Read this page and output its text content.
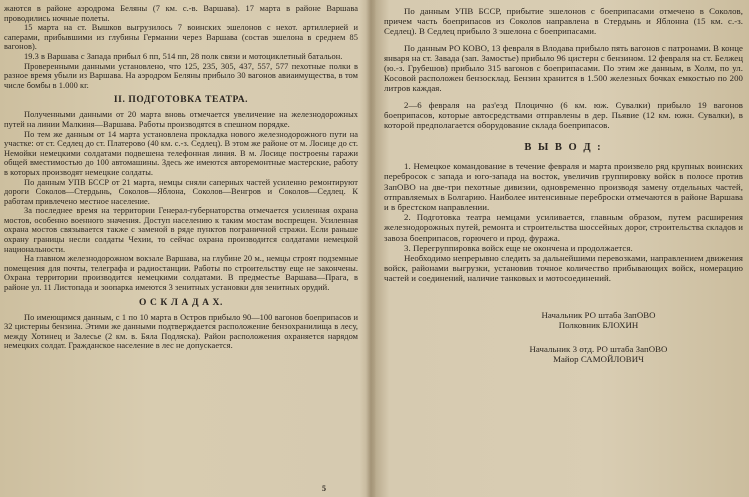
жаются в районе аэродрома Беляны (7 км. с.-в. Варшава). 17 марта в районе Варшава проводились ночные полеты.

15 марта на ст. Вышков выгрузилось 7 воинских эшелонов с нехот. артиллерией и саперами, прибывшими из глубины Германии через Варшава (состав эшелона в среднем 85 вагонов).

19.3 в Варшава с Запада прибыл 6 пп, 514 пп, 28 полк связи и мотоциклетный батальон.

Проверенными данными установлено, что 125, 235, 305, 437, 557, 577 пехотные полки в разное время убыли из Варшава. На аэродром Беляны прибыло 30 вагонов авиаимущества, в том числе бомбы в 1.000 кг.

II. ПОДГОТОВКА ТЕАТРА.

Полученными данными от 20 марта вновь отмечается увеличение на железнодорожных путей на линии Малкиня—Варшава. Работы производятся в спешном порядке.

По тем же данным от 14 марта установлена прокладка нового железнодорожного пути на участке: от ст. Седлец до ст. Платерово (40 км. с.-з. Седлец). В этом же районе от м. Лосице до ст. Немойки немецкими солдатами подвешена телефонная линия. В м. Лосице построены гаражи общей вместимостью до 100 автомашины. Здесь же имеются авторемонтные мастерские, работу в которых производят немецкие солдаты.

По данным УПВ БССР от 21 марта, немцы сняли саперных частей усиленно ремонтируют дороги Соколов—Стердынь, Соколов—Яблона, Соколов—Венгров и Соколов—Седлец. К работам привлечено местное население.

За последнее время на территории Генерал-губернаторства отмечается усиленная охрана мостов, особенно военного значения. Доступ населению к таким мостам воспрещен. Усиленная охрана мостов связывается также с заменой в ряде пунктов пограничной стражи. Если раньше охрану границы несли солдаты Чехии, то сейчас охрана производится солдатами немецкой национальности.

На главном железнодорожном вокзале Варшава, на глубине 20 м., немцы строят подземные помещения для почты, телеграфа и радиостанции. Работы по строительству еще не закончены. Охрана территории производится немецкими солдатами. В предместье Варшава—Прага, в районе ул. 11 Листопада и зоопарка имеются 3 зенитных установки для зенитных орудий.

О С К Л А Д А Х.

По имеющимся данным, с 1 по 10 марта в Остров прибыло 90—100 вагонов боеприпасов и 32 цистерны бензина. Этими же данными подтверждается расположение бензохранилища в лесу, между Хотинец и Залесье (2 км. в. Бяла Подляска). Район расположения охраняется нарядом немецких солдат. Гражданское население в лес не допускается.

5

По данным УПВ БССР, прибытие эшелонов с боеприпасами отмечено в Соколов, причем часть боеприпасов из Соколов направлена в Стердынь и Яблонна (15 км. с.-з. Седлец). В Седлец прибыло 3 эшелона с боеприпасами.

По данным РО КОВО, 13 февраля в Влодава прибыло пять вагонов с патронами. В конце января на ст. Завада (зап. Замостье) прибыло 96 цистерн с бензином. 12 февраля на ст. Белжец (ю.-з. Грубешов) прибыло 315 вагонов с боеприпасами. По этим же данным, в Холм, по ул. Косовой расположен бензосклад. Бензин хранится в 1.500 железных бочках емкостью по 200 литров каждая.

2—6 февраля на раз'езд Плоцично (6 км. юж. Сувалки) прибыло 19 вагонов боеприпасов, которые автосредствами отправлены в дер. Пьявие (12 км. южн. Сувалки), в которой предполагается оборудование склада боеприпасов.

В Ы В О Д :

1. Немецкое командование в течение февраля и марта произвело ряд крупных воинских перебросок с запада и юго-запада на восток, увеличив группировку войск в полосе против ЗапОВО на две-три пехотные дивизии, одновременно производя замену отдельных частей, отправляемых в Болгарию. Наиболее интенсивные переброски отмечаются в районе Варшава и в брестском направлении.

2. Подготовка театра немцами усиливается, главным образом, путем расширения железнодорожных путей, ремонта и строительства шоссейных дорог, строительства складов и завоза боеприпасов, горючего и прод. фуража.

3. Перегруппировка войск еще не окончена и продолжается.

Необходимо непрерывно следить за дальнейшими перевозками, направлением движения войск, районами выгрузки, установив точное количество прибывающих войск, номерацию частей и соединений, наличие танковых и мотосоединений.

Начальник РО штаба ЗапОВО

Полковник БЛОХИН

Начальник 3 отд. РО штаба ЗапОВО

Майор САМОЙЛОВИЧ
